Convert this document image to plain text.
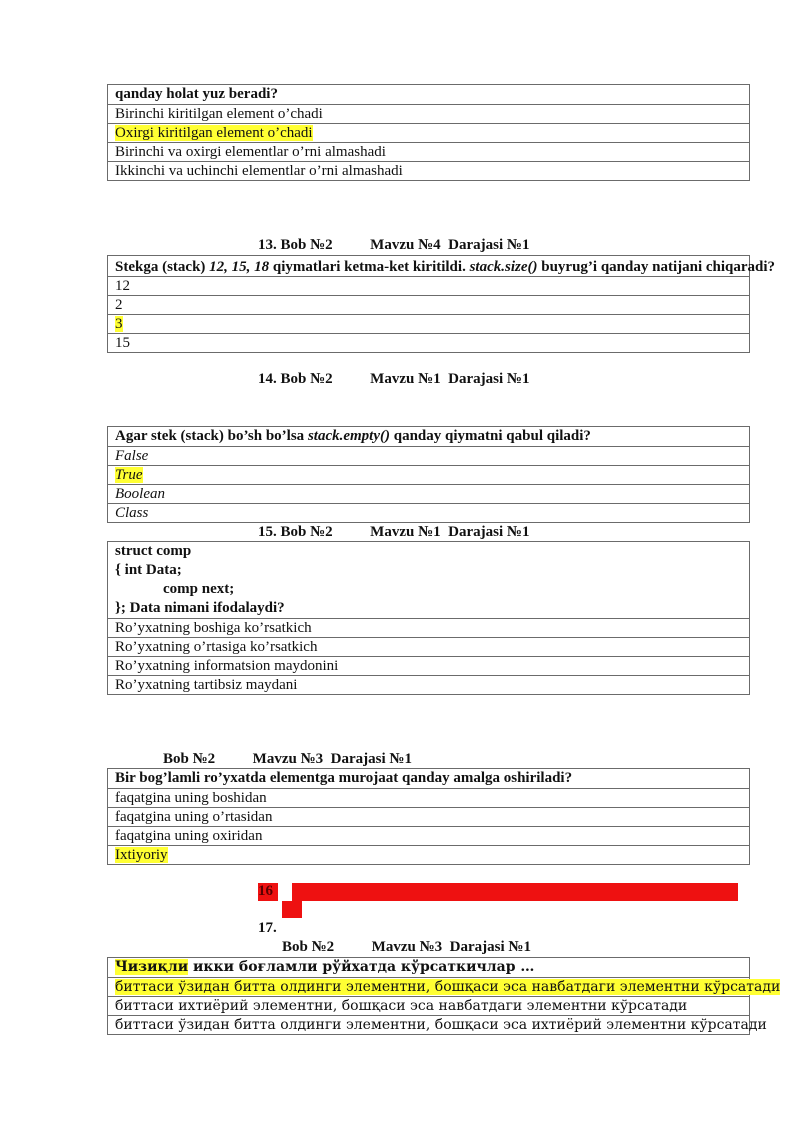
qanday holat yuz beradi?
Birinchi kiritilgan element o’chadi
Oxirgi kiritilgan element o’chadi
Birinchi va oxirgi elementlar o’rni almashadi
Ikkinchi va uchinchi elementlar o’rni almashadi
13. Bob №2          Mavzu №4  Darajasi №1
Stekga (stack) 12, 15, 18 qiymatlari ketma-ket kiritildi. stack.size() buyrug’i qanday natijani chiqaradi?
12
2
3
15
14. Bob №2          Mavzu №1  Darajasi №1
Agar stek (stack) bo’sh bo’lsa stack.empty() qanday qiymatni qabul qiladi?
False
True
Boolean
Class
15. Bob №2          Mavzu №1  Darajasi №1
struct comp
{ int Data;
comp next;
}; Data nimani ifodalaydi?
Ro’yxatning boshiga ko’rsatkich
Ro’yxatning o’rtasiga ko’rsatkich
Ro’yxatning informatsion maydonini
Ro’yxatning tartibsiz maydani
Bob №2          Mavzu №3  Darajasi №1
Bir bog’lamli ro’yxatda elementga murojaat qanday amalga oshiriladi?
faqatgina uning boshidan
faqatgina uning o’rtasidan
faqatgina uning oxiridan
Ixtiyoriy
16
17.
Bob №2          Mavzu №3  Darajasi №1
Чизиқли икки боғламли рўйхатда кўрсаткичлар …
биттаси ўзидан битта олдинги элементни, бошқаси эса навбатдаги элементни кўрсатади
биттаси ихтиёрий элементни, бошқаси эса навбатдаги элементни кўрсатади
биттаси ўзидан битта олдинги элементни, бошқаси эса ихтиёрий элементни кўрсатади
